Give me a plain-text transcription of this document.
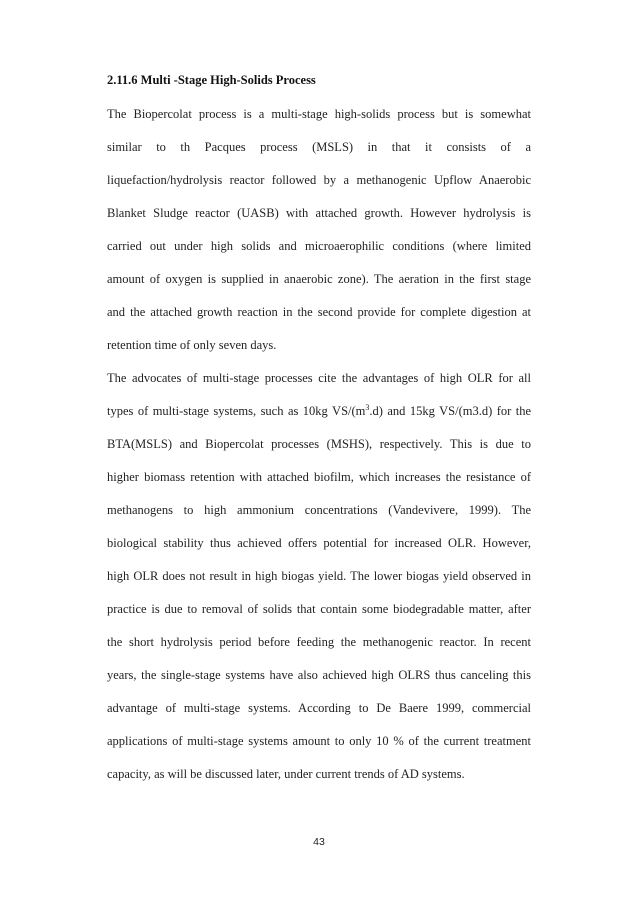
2.11.6 Multi -Stage High-Solids Process
The Biopercolat process is a multi-stage high-solids process but is somewhat
similar to th Pacques process (MSLS) in that it consists of a
liquefaction/hydrolysis reactor followed by a methanogenic Upflow Anaerobic
Blanket Sludge reactor (UASB) with attached growth. However hydrolysis is
carried out under high solids and microaerophilic conditions (where limited
amount of oxygen is supplied in anaerobic zone). The aeration in the first stage
and the attached growth reaction in the second provide for complete digestion at
retention time of only seven days.
The advocates of multi-stage processes cite the advantages of high OLR for all
types of multi-stage systems, such as 10kg $VS/(m^3.d)$ and 15kg VS/(m3.d) for the
BTA(MSLS) and Biopercolat processes (MSHS), respectively. This is due to
higher biomass retention with attached biofilm, which increases the resistance of
methanogens to high ammonium concentrations (Vandevivere, 1999). The
biological stability thus achieved offers potential for increased OLR. However,
high OLR does not result in high biogas yield. The lower biogas yield observed in
practice is due to removal of solids that contain some biodegradable matter, after
the short hydrolysis period before feeding the methanogenic reactor. In recent
years, the single-stage systems have also achieved high OLRS thus canceling this
advantage of multi-stage systems. According to De Baere 1999, commercial
applications of multi-stage systems amount to only 10 % of the current treatment
capacity, as will be discussed later, under current trends of AD systems.
43
